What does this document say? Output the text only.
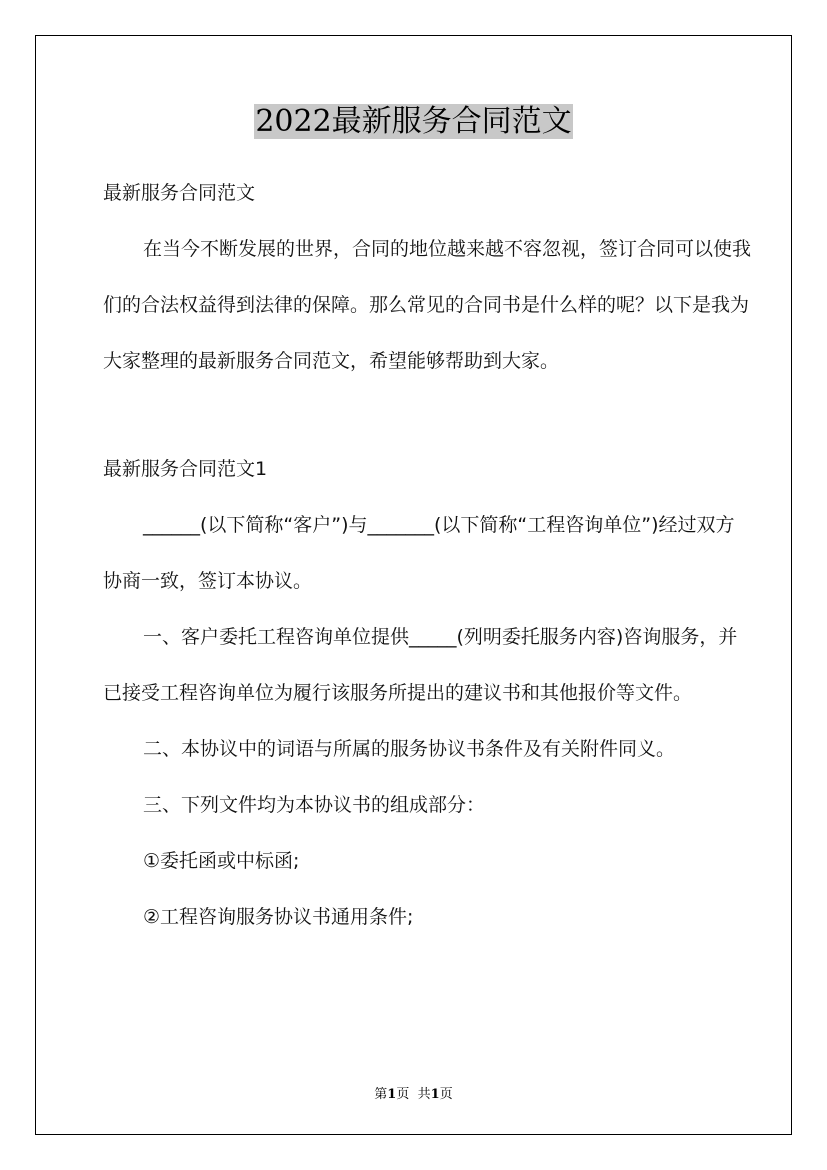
2022最新服务合同范文

最新服务合同范文

在当今不断发展的世界，合同的地位越来越不容忽视，签订合同可以使我们的合法权益得到法律的保障。那么常见的合同书是什么样的呢？以下是我为大家整理的最新服务合同范文，希望能够帮助到大家。

最新服务合同范文1

______(以下简称“客户”)与_______(以下简称“工程咨询单位”)经过双方协商一致，签订本协议。

一、客户委托工程咨询单位提供_____(列明委托服务内容)咨询服务，并已接受工程咨询单位为履行该服务所提出的建议书和其他报价等文件。

二、本协议中的词语与所属的服务协议书条件及有关附件同义。

三、下列文件均为本协议书的组成部分：

①委托函或中标函;

②工程咨询服务协议书通用条件;

第1页 共1页
